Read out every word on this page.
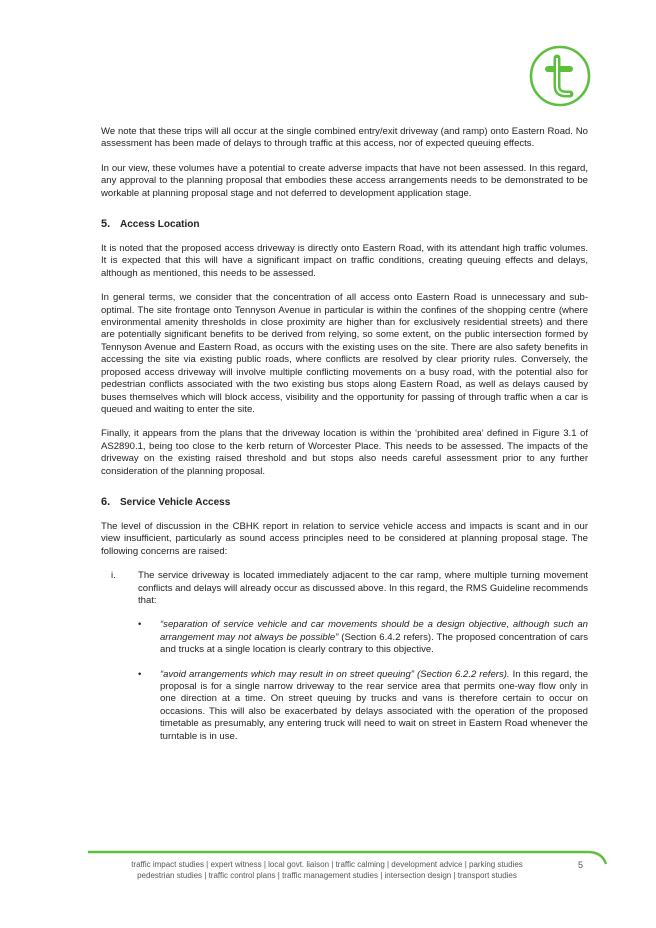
We note that these trips will all occur at the single combined entry/exit driveway (and ramp) onto Eastern Road. No assessment has been made of delays to through traffic at this access, nor of expected queuing effects.

In our view, these volumes have a potential to create adverse impacts that have not been assessed. In this regard, any approval to the planning proposal that embodies these access arrangements needs to be demonstrated to be workable at planning proposal stage and not deferred to development application stage.

5. Access Location

It is noted that the proposed access driveway is directly onto Eastern Road, with its attendant high traffic volumes. It is expected that this will have a significant impact on traffic conditions, creating queuing effects and delays, although as mentioned, this needs to be assessed.

In general terms, we consider that the concentration of all access onto Eastern Road is unnecessary and sub-optimal. The site frontage onto Tennyson Avenue in particular is within the confines of the shopping centre (where environmental amenity thresholds in close proximity are higher than for exclusively residential streets) and there are potentially significant benefits to be derived from relying, so some extent, on the public intersection formed by Tennyson Avenue and Eastern Road, as occurs with the existing uses on the site. There are also safety benefits in accessing the site via existing public roads, where conflicts are resolved by clear priority rules. Conversely, the proposed access driveway will involve multiple conflicting movements on a busy road, with the potential also for pedestrian conflicts associated with the two existing bus stops along Eastern Road, as well as delays caused by buses themselves which will block access, visibility and the opportunity for passing of through traffic when a car is queued and waiting to enter the site.

Finally, it appears from the plans that the driveway location is within the ‘prohibited area’ defined in Figure 3.1 of AS2890.1, being too close to the kerb return of Worcester Place. This needs to be assessed. The impacts of the driveway on the existing raised threshold and but stops also needs careful assessment prior to any further consideration of the planning proposal.

6. Service Vehicle Access

The level of discussion in the CBHK report in relation to service vehicle access and impacts is scant and in our view insufficient, particularly as sound access principles need to be considered at planning proposal stage. The following concerns are raised:

i.	The service driveway is located immediately adjacent to the car ramp, where multiple turning movement conflicts and delays will already occur as discussed above. In this regard, the RMS Guideline recommends that:

•	“separation of service vehicle and car movements should be a design objective, although such an arrangement may not always be possible” (Section 6.4.2 refers). The proposed concentration of cars and trucks at a single location is clearly contrary to this objective.

•	“avoid arrangements which may result in on street queuing” (Section 6.2.2 refers). In this regard, the proposal is for a single narrow driveway to the rear service area that permits one-way flow only in one direction at a time. On street queuing by trucks and vans is therefore certain to occur on occasions. This will also be exacerbated by delays associated with the operation of the proposed timetable as presumably, any entering truck will need to wait on street in Eastern Road whenever the turntable is in use.

traffic impact studies | expert witness | local govt. liaison | traffic calming | development advice | parking studies
pedestrian studies | traffic control plans | traffic management studies | intersection design | transport studies
5
